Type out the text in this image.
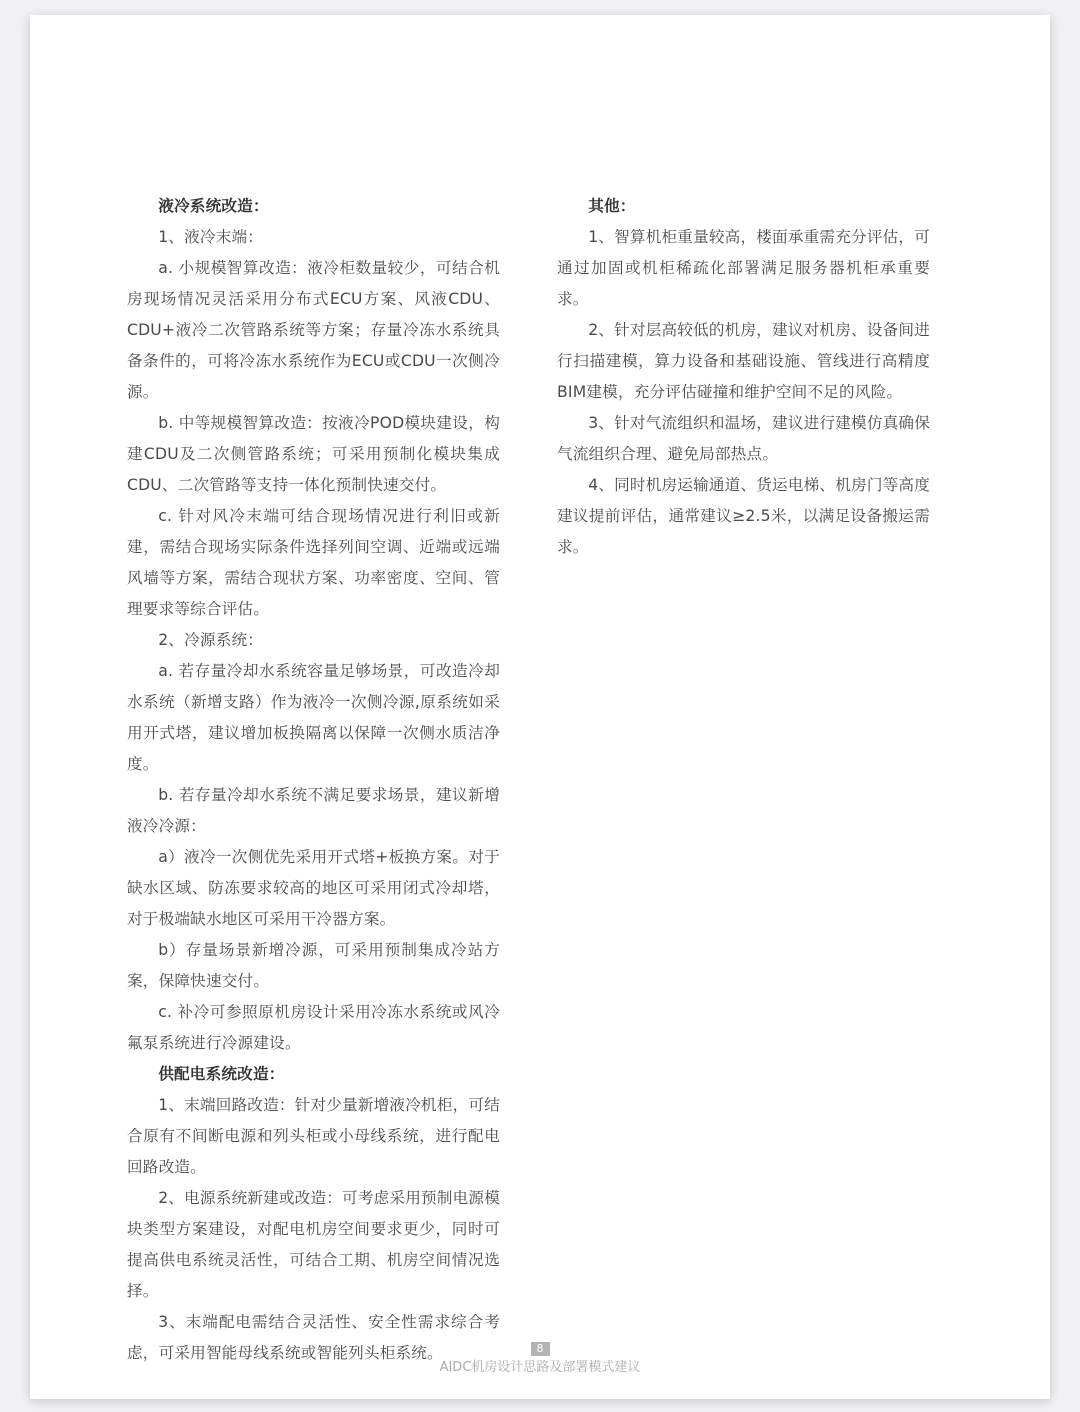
液冷系统改造：

1、液冷末端：

a. 小规模智算改造：液冷柜数量较少，可结合机房现场情况灵活采用分布式ECU方案、风液CDU、CDU+液冷二次管路系统等方案；存量冷冻水系统具备条件的，可将冷冻水系统作为ECU或CDU一次侧冷源。

b. 中等规模智算改造：按液冷POD模块建设，构建CDU及二次侧管路系统；可采用预制化模块集成CDU、二次管路等支持一体化预制快速交付。

c. 针对风冷末端可结合现场情况进行利旧或新建，需结合现场实际条件选择列间空调、近端或远端风墙等方案，需结合现状方案、功率密度、空间、管理要求等综合评估。

2、冷源系统：

a. 若存量冷却水系统容量足够场景，可改造冷却水系统（新增支路）作为液冷一次侧冷源,原系统如采用开式塔，建议增加板换隔离以保障一次侧水质洁净度。

b. 若存量冷却水系统不满足要求场景，建议新增液冷冷源：

a）液冷一次侧优先采用开式塔+板换方案。对于缺水区域、防冻要求较高的地区可采用闭式冷却塔，对于极端缺水地区可采用干冷器方案。

b）存量场景新增冷源，可采用预制集成冷站方案，保障快速交付。

c. 补冷可参照原机房设计采用冷冻水系统或风冷氟泵系统进行冷源建设。

供配电系统改造：

1、末端回路改造：针对少量新增液冷机柜，可结合原有不间断电源和列头柜或小母线系统，进行配电回路改造。

2、电源系统新建或改造：可考虑采用预制电源模块类型方案建设，对配电机房空间要求更少，同时可提高供电系统灵活性，可结合工期、机房空间情况选择。

3、末端配电需结合灵活性、安全性需求综合考虑，可采用智能母线系统或智能列头柜系统。

其他：

1、智算机柜重量较高，楼面承重需充分评估，可通过加固或机柜稀疏化部署满足服务器机柜承重要求。

2、针对层高较低的机房，建议对机房、设备间进行扫描建模，算力设备和基础设施、管线进行高精度BIM建模，充分评估碰撞和维护空间不足的风险。

3、针对气流组织和温场，建议进行建模仿真确保气流组织合理、避免局部热点。

4、同时机房运输通道、货运电梯、机房门等高度建议提前评估，通常建议≥2.5米，以满足设备搬运需求。

8
AIDC机房设计思路及部署模式建议
